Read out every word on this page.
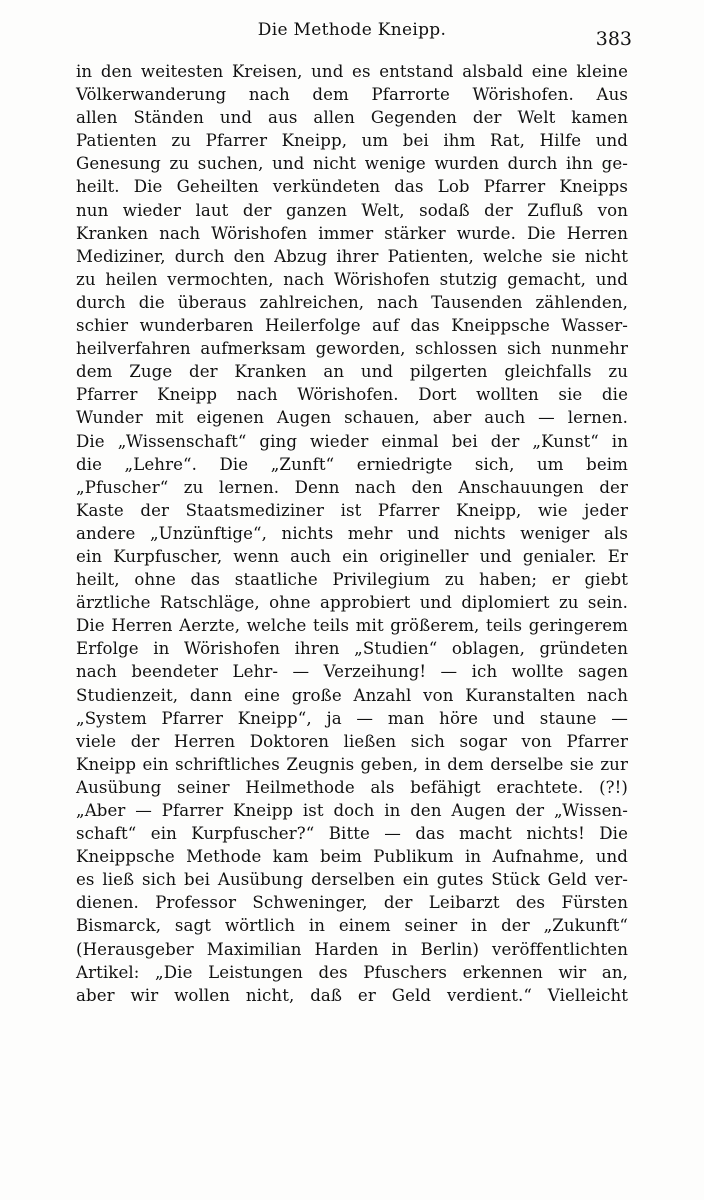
Die Methode Kneipp.	383
in den weitesten Kreisen, und es entstand alsbald eine kleine
Völkerwanderung nach dem Pfarrorte Wörishofen. Aus
allen Ständen und aus allen Gegenden der Welt kamen
Patienten zu Pfarrer Kneipp, um bei ihm Rat, Hilfe und
Genesung zu suchen, und nicht wenige wurden durch ihn ge-
heilt. Die Geheilten verkündeten das Lob Pfarrer Kneipps
nun wieder laut der ganzen Welt, sodaß der Zufluß von
Kranken nach Wörishofen immer stärker wurde. Die Herren
Mediziner, durch den Abzug ihrer Patienten, welche sie nicht
zu heilen vermochten, nach Wörishofen stutzig gemacht, und
durch die überaus zahlreichen, nach Tausenden zählenden,
schier wunderbaren Heilerfolge auf das Kneippsche Wasser-
heilverfahren aufmerksam geworden, schlossen sich nunmehr
dem Zuge der Kranken an und pilgerten gleichfalls zu
Pfarrer Kneipp nach Wörishofen. Dort wollten sie die
Wunder mit eigenen Augen schauen, aber auch — lernen.
Die „Wissenschaft“ ging wieder einmal bei der „Kunst“ in
die „Lehre“. Die „Zunft“ erniedrigte sich, um beim
„Pfuscher“ zu lernen. Denn nach den Anschauungen der
Kaste der Staatsmediziner ist Pfarrer Kneipp, wie jeder
andere „Unzünftige“, nichts mehr und nichts weniger als
ein Kurpfuscher, wenn auch ein origineller und genialer. Er
heilt, ohne das staatliche Privilegium zu haben; er giebt
ärztliche Ratschläge, ohne approbiert und diplomiert zu sein.
Die Herren Aerzte, welche teils mit größerem, teils geringerem
Erfolge in Wörishofen ihren „Studien“ oblagen, gründeten
nach beendeter Lehr- — Verzeihung! — ich wollte sagen
Studienzeit, dann eine große Anzahl von Kuranstalten nach
„System Pfarrer Kneipp“, ja — man höre und staune —
viele der Herren Doktoren ließen sich sogar von Pfarrer
Kneipp ein schriftliches Zeugnis geben, in dem derselbe sie zur
Ausübung seiner Heilmethode als befähigt erachtete. (?!)
„Aber — Pfarrer Kneipp ist doch in den Augen der „Wissen-
schaft“ ein Kurpfuscher?“ Bitte — das macht nichts! Die
Kneippsche Methode kam beim Publikum in Aufnahme, und
es ließ sich bei Ausübung derselben ein gutes Stück Geld ver-
dienen. Professor Schweninger, der Leibarzt des Fürsten
Bismarck, sagt wörtlich in einem seiner in der „Zukunft“
(Herausgeber Maximilian Harden in Berlin) veröffentlichten
Artikel: „Die Leistungen des Pfuschers erkennen wir an,
aber wir wollen nicht, daß er Geld verdient.“ Vielleicht
